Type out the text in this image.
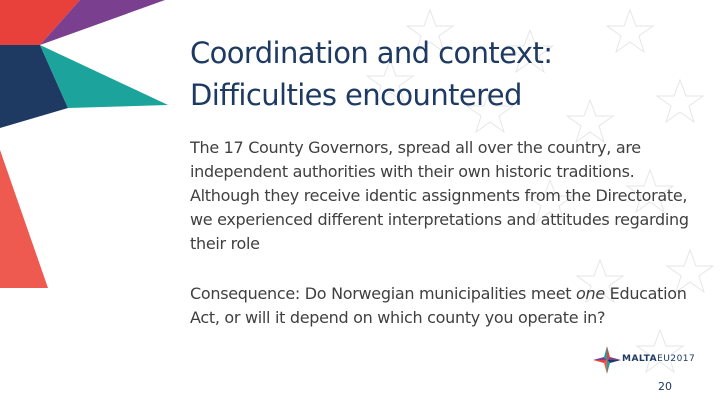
Coordination and context:
Difficulties encountered
The 17 County Governors, spread all over the country, are independent authorities with their own historic traditions. Although they receive identic assignments from the Directorate, we experienced different interpretations and attitudes regarding their role
Consequence: Do Norwegian municipalities meet one Education Act, or will it depend on which county you operate in?
MALTAEU2017
20
